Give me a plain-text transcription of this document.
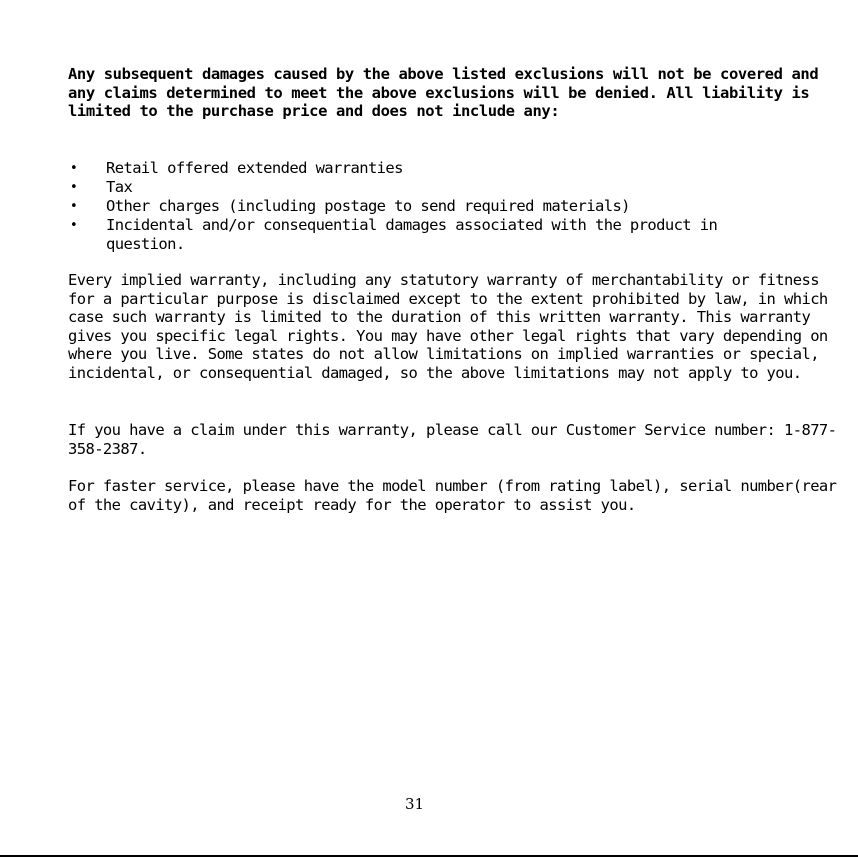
Any subsequent damages caused by the above listed exclusions will not be covered and any claims determined to meet the above exclusions will be denied. All liability is limited to the purchase price and does not include any:

• Retail offered extended warranties
• Tax
• Other charges (including postage to send required materials)
• Incidental and/or consequential damages associated with the product in question.

Every implied warranty, including any statutory warranty of merchantability or fitness for a particular purpose is disclaimed except to the extent prohibited by law, in which case such warranty is limited to the duration of this written warranty. This warranty gives you specific legal rights. You may have other legal rights that vary depending on where you live. Some states do not allow limitations on implied warranties or special, incidental, or consequential damaged, so the above limitations may not apply to you.

If you have a claim under this warranty, please call our Customer Service number: 1-877-358-2387.

For faster service, please have the model number (from rating label), serial number(rear of the cavity), and receipt ready for the operator to assist you.

31
